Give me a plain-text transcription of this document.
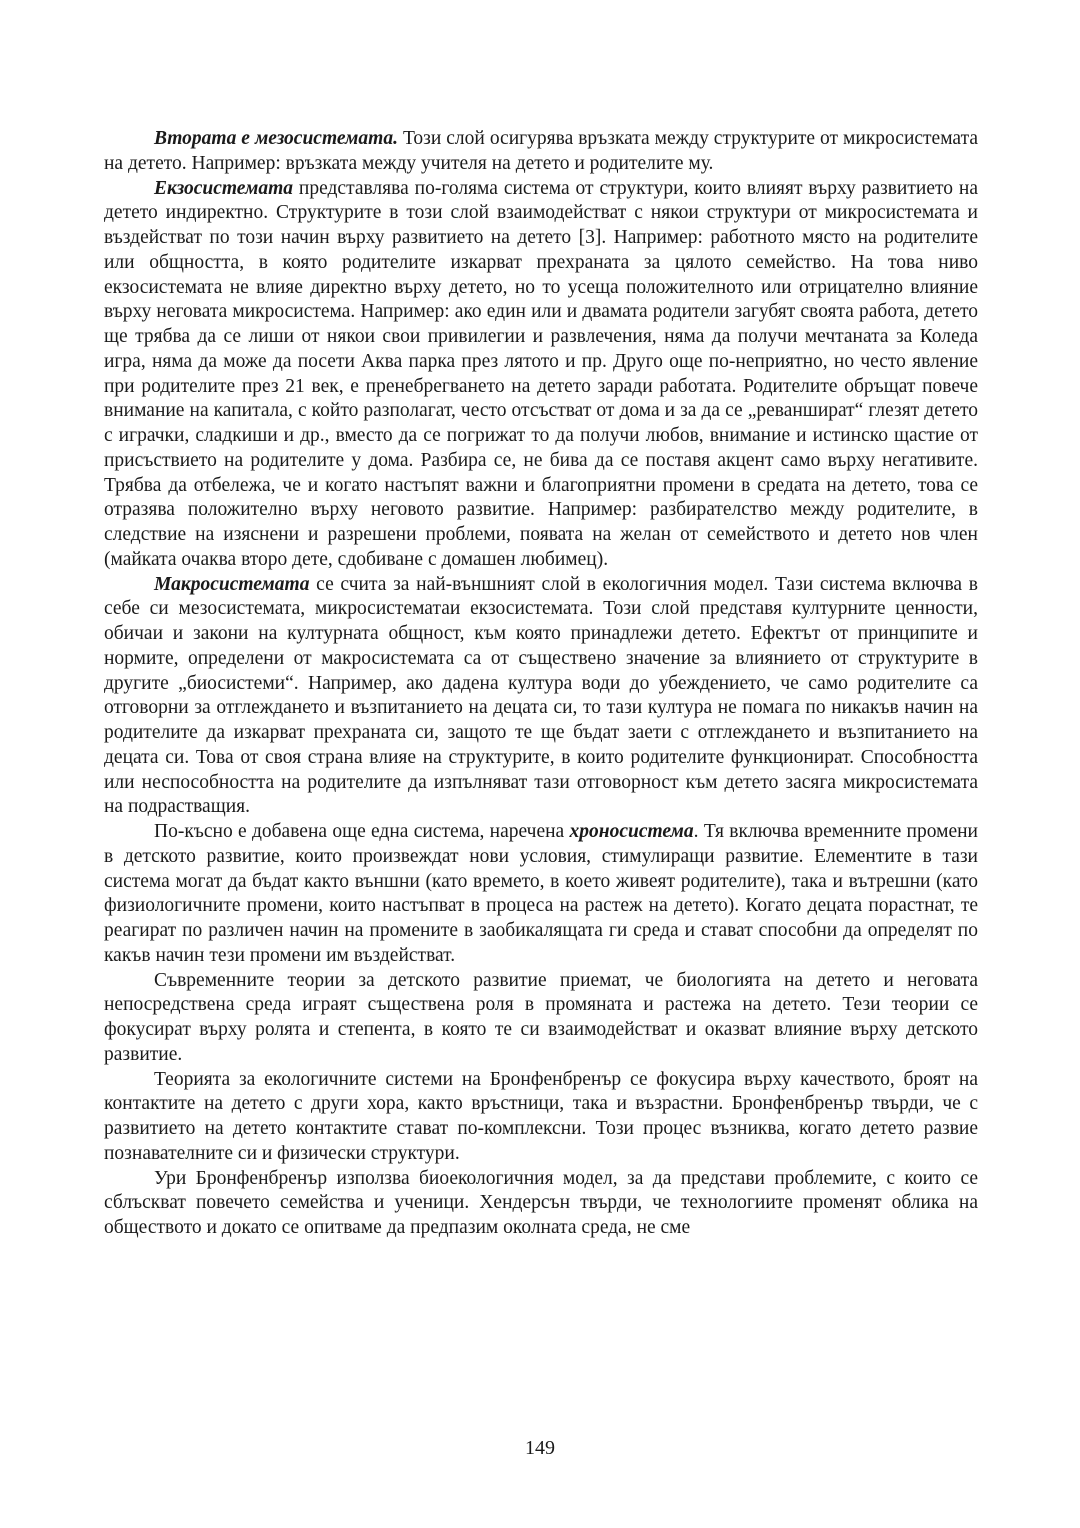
Втората е мезосистемата. Този слой осигурява връзката между структурите от микросистемата на детето. Например: връзката между учителя на детето и родителите му.

Екзосистемата представлява по-голяма система от структури, които влияят върху развитието на детето индиректно. Структурите в този слой взаимодействат с някои структури от микросистемата и въздействат по този начин върху развитието на детето [3]. Например: работното място на родителите или общността, в която родителите изкарват прехраната за цялото семейство. На това ниво екзосистемата не влияе директно върху детето, но то усеща положителното или отрицателно влияние върху неговата микросистема. Например: ако един или и двамата родители загубят своята работа, детето ще трябва да се лиши от някои свои привилегии и развлечения, няма да получи мечтаната за Коледа игра, няма да може да посети Аква парка през лятото и пр. Друго още по-неприятно, но често явление при родителите през 21 век, е пренебрегването на детето заради работата. Родителите обръщат повече внимание на капитала, с който разполагат, често отсъстват от дома и за да се „реваншират“ глезят детето с играчки, сладкиши и др., вместо да се погрижат то да получи любов, внимание и истинско щастие от присъствието на родителите у дома. Разбира се, не бива да се поставя акцент само върху негативите. Трябва да отбележа, че и когато настъпят важни и благоприятни промени в средата на детето, това се отразява положително върху неговото развитие. Например: разбирателство между родителите, в следствие на изяснени и разрешени проблеми, появата на желан от семейството и детето нов член (майката очаква второ дете, сдобиване с домашен любимец).

Макросистемата се счита за най-външният слой в екологичния модел. Тази система включва в себе си мезосистемата, микросистематаи екзосистемата. Този слой представя културните ценности, обичаи и закони на културната общност, към която принадлежи детето. Ефектът от принципите и нормите, определени от макросистемата са от съществено значение за влиянието от структурите в другите „биосистеми“. Например, ако дадена култура води до убеждението, че само родителите са отговорни за отглеждането и възпитанието на децата си, то тази култура не помага по никакъв начин на родителите да изкарват прехраната си, защото те ще бъдат заети с отглеждането и възпитанието на децата си. Това от своя страна влияе на структурите, в които родителите функционират. Способността или неспособността на родителите да изпълняват тази отговорност към детето засяга микросистемата на подрастващия.

По-късно е добавена още една система, наречена хроносистема. Тя включва временните промени в детското развитие, които произвеждат нови условия, стимулиращи развитие. Елементите в тази система могат да бъдат както външни (като времето, в което живеят родителите), така и вътрешни (като физиологичните промени, които настъпват в процеса на растеж на детето). Когато децата порастнат, те реагират по различен начин на промените в заобикалящата ги среда и стават способни да определят по какъв начин тези промени им въздействат.

Съвременните теории за детското развитие приемат, че биологията на детето и неговата непосредствена среда играят съществена роля в промяната и растежа на детето. Тези теории се фокусират върху ролята и степента, в която те си взаимодействат и оказват влияние върху детското развитие.

Теорията за екологичните системи на Бронфенбренър се фокусира върху качеството, броят на контактите на детето с други хора, както връстници, така и възрастни. Бронфенбренър твърди, че с развитието на детето контактите стават по-комплексни. Този процес възниква, когато детето развие познавателните си и физически структури.

Ури Бронфенбренър използва биоекологичния модел, за да представи проблемите, с които се сблъскват повечето семейства и ученици. Хендерсън твърди, че технологиите променят облика на обществото и докато се опитваме да предпазим околната среда, не сме

149
